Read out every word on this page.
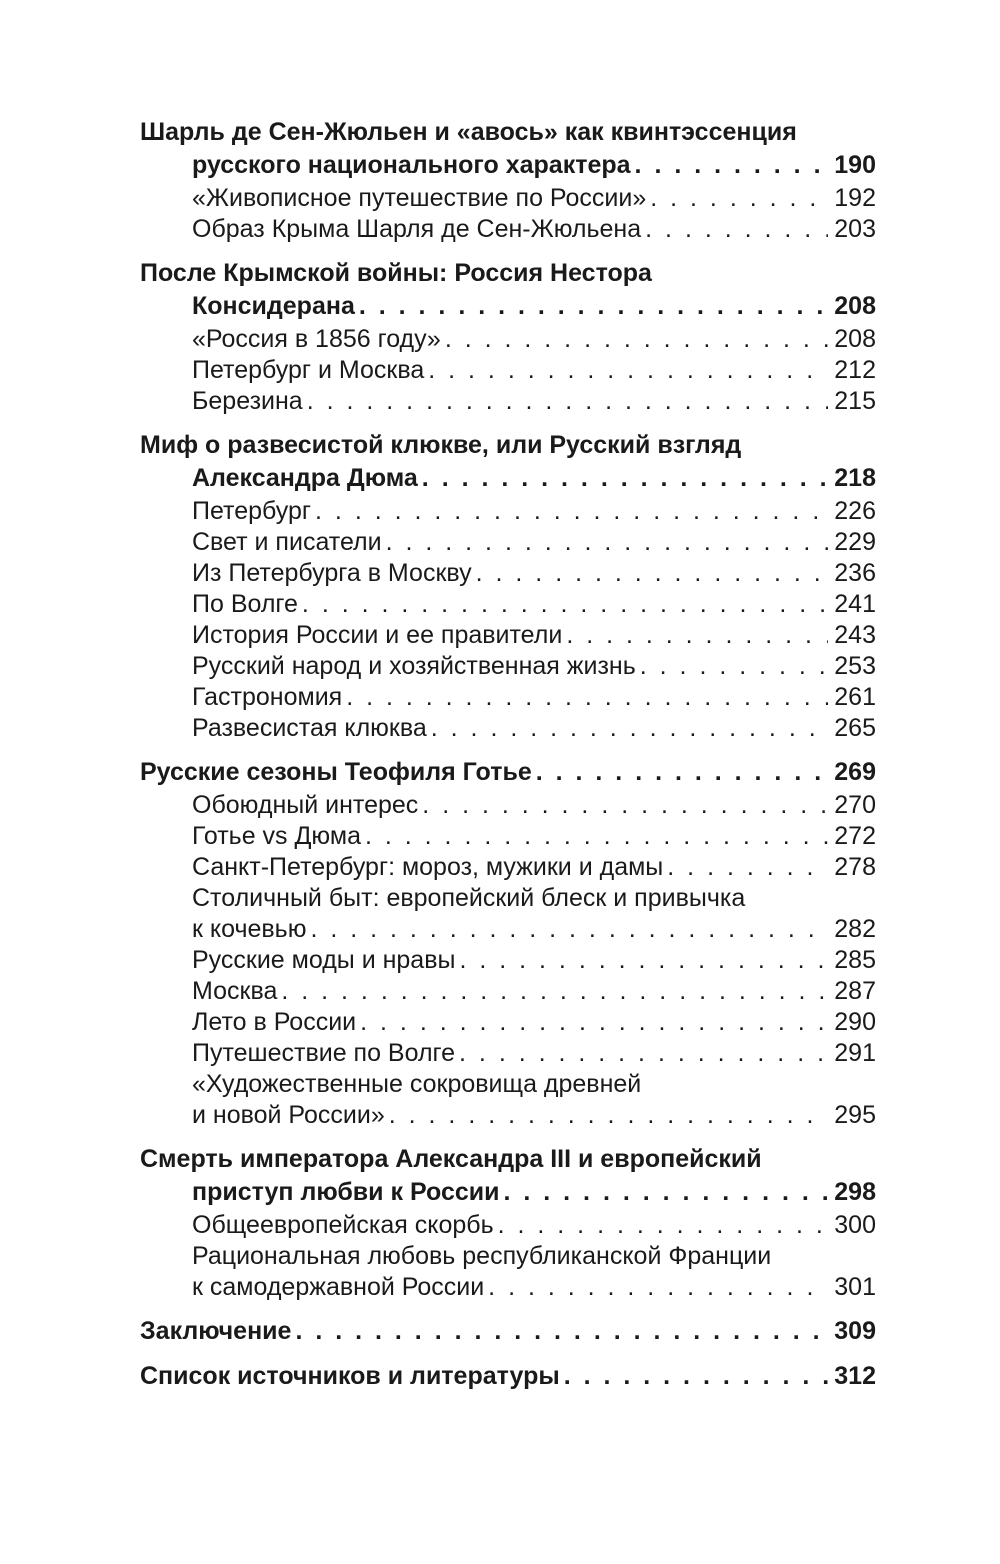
Шарль де Сен-Жюльен и «авось» как квинтэссенция
русского национального характера . . .	190
«Живописное путешествие по России» . . .	192
Образ Крыма Шарля де Сен-Жюльена . . .	203
После Крымской войны: Россия Нестора
Консидерана . . .	208
«Россия в 1856 году» . . .	208
Петербург и Москва . . .	212
Березина . . .	215
Миф о развесистой клюкве, или Русский взгляд
Александра Дюма . . .	218
Петербург . . .	226
Свет и писатели . . .	229
Из Петербурга в Москву . . .	236
По Волге . . .	241
История России и ее правители . . .	243
Русский народ и хозяйственная жизнь . . .	253
Гастрономия . . .	261
Развесистая клюква . . .	265
Русские сезоны Теофиля Готье . . .	269
Обоюдный интерес . . .	270
Готье vs Дюма . . .	272
Санкт-Петербург: мороз, мужики и дамы . . .	278
Столичный быт: европейский блеск и привычка
к кочевью . . .	282
Русские моды и нравы . . .	285
Москва . . .	287
Лето в России . . .	290
Путешествие по Волге . . .	291
«Художественные сокровища древней
и новой России» . . .	295
Смерть императора Александра III и европейский
приступ любви к России . . .	298
Общеевропейская скорбь . . .	300
Рациональная любовь республиканской Франции
к самодержавной России . . .	301
Заключение . . .	309
Список источников и литературы . . .	312
